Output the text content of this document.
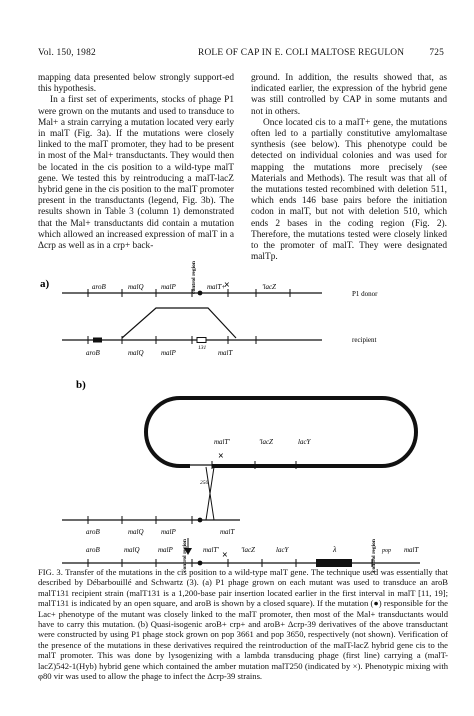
Vol. 150, 1982	ROLE OF CAP IN E. COLI MALTOSE REGULON	725

mapping data presented below strongly support-ed this hypothesis.

In a first set of experiments, stocks of phage P1 were grown on the mutants and used to transduce to Mal+ a strain carrying a mutation located very early in malT (Fig. 3a). If the mutations were closely linked to the malT promoter, they had to be present in most of the Mal+ transductants. They would then be located in the cis position to a wild-type malT gene. We tested this by reintroducing a malT-lacZ hybrid gene in the cis position to the malT promoter present in the transductants (legend, Fig. 3b). The results shown in Table 3 (column 1) demonstrated that the Mal+ transductants did contain a mutation which allowed an increased expression of malT in a Δcrp as well as in a crp+ back-

ground. In addition, the results showed that, as indicated earlier, the expression of the hybrid gene was still controlled by CAP in some mutants and not in others.

Once located cis to a malT+ gene, the mutations often led to a partially constitutive amylomaltase synthesis (see below). This phenotype could be detected on individual colonies and was used for mapping the mutations more precisely (see Materials and Methods). The result was that all of the mutations tested recombined with deletion 511, which ends 146 base pairs before the initiation codon in malT, but not with deletion 510, which ends 2 bases in the coding region (Fig. 2). Therefore, the mutations tested were closely linked to the promoter of malT. They were designated malTp.

a)	×
aroB	malQ malP	malT+	'lacZ
control region	P1 donor
aroB	malQ malP
131
malT
recipient
b)
×
malT'	'lacZ	lacY
250
aroB	malQ malP	malT
aroB	malQ	malP	malT' × 'lacZ	lacY	λ	pop malT
control region	control region
FIG. 3. Transfer of the mutations in the cis position to a wild-type malT gene. The technique used was essentially that described by Débarbouillé and Schwartz (3). (a) P1 phage grown on each mutant was used to transduce an aroB malT131 recipient strain (malT131 is a 1,200-base pair insertion located earlier in the first interval in malT [11, 19]; malT131 is indicated by an open square, and aroB is shown by a closed square). If the mutation (●) responsible for the Lac+ phenotype of the mutant was closely linked to the malT promoter, then most of the Mal+ transductants would have to carry this mutation. (b) Quasi-isogenic aroB+ crp+ and aroB+ Δcrp-39 derivatives of the above transductant were constructed by using P1 phage stock grown on pop 3661 and pop 3650, respectively (not shown). Verification of the presence of the mutations in these derivatives required the reintroduction of the malT-lacZ hybrid gene cis to the malT promoter. This was done by lysogenizing with a lambda transducing phage (first line) carrying a (malT-lacZ)542-1(Hyb) hybrid gene which contained the amber mutation malT250 (indicated by ×). Phenotypic mixing with φ80 vir was used to allow the phage to infect the Δcrp-39 strains.
